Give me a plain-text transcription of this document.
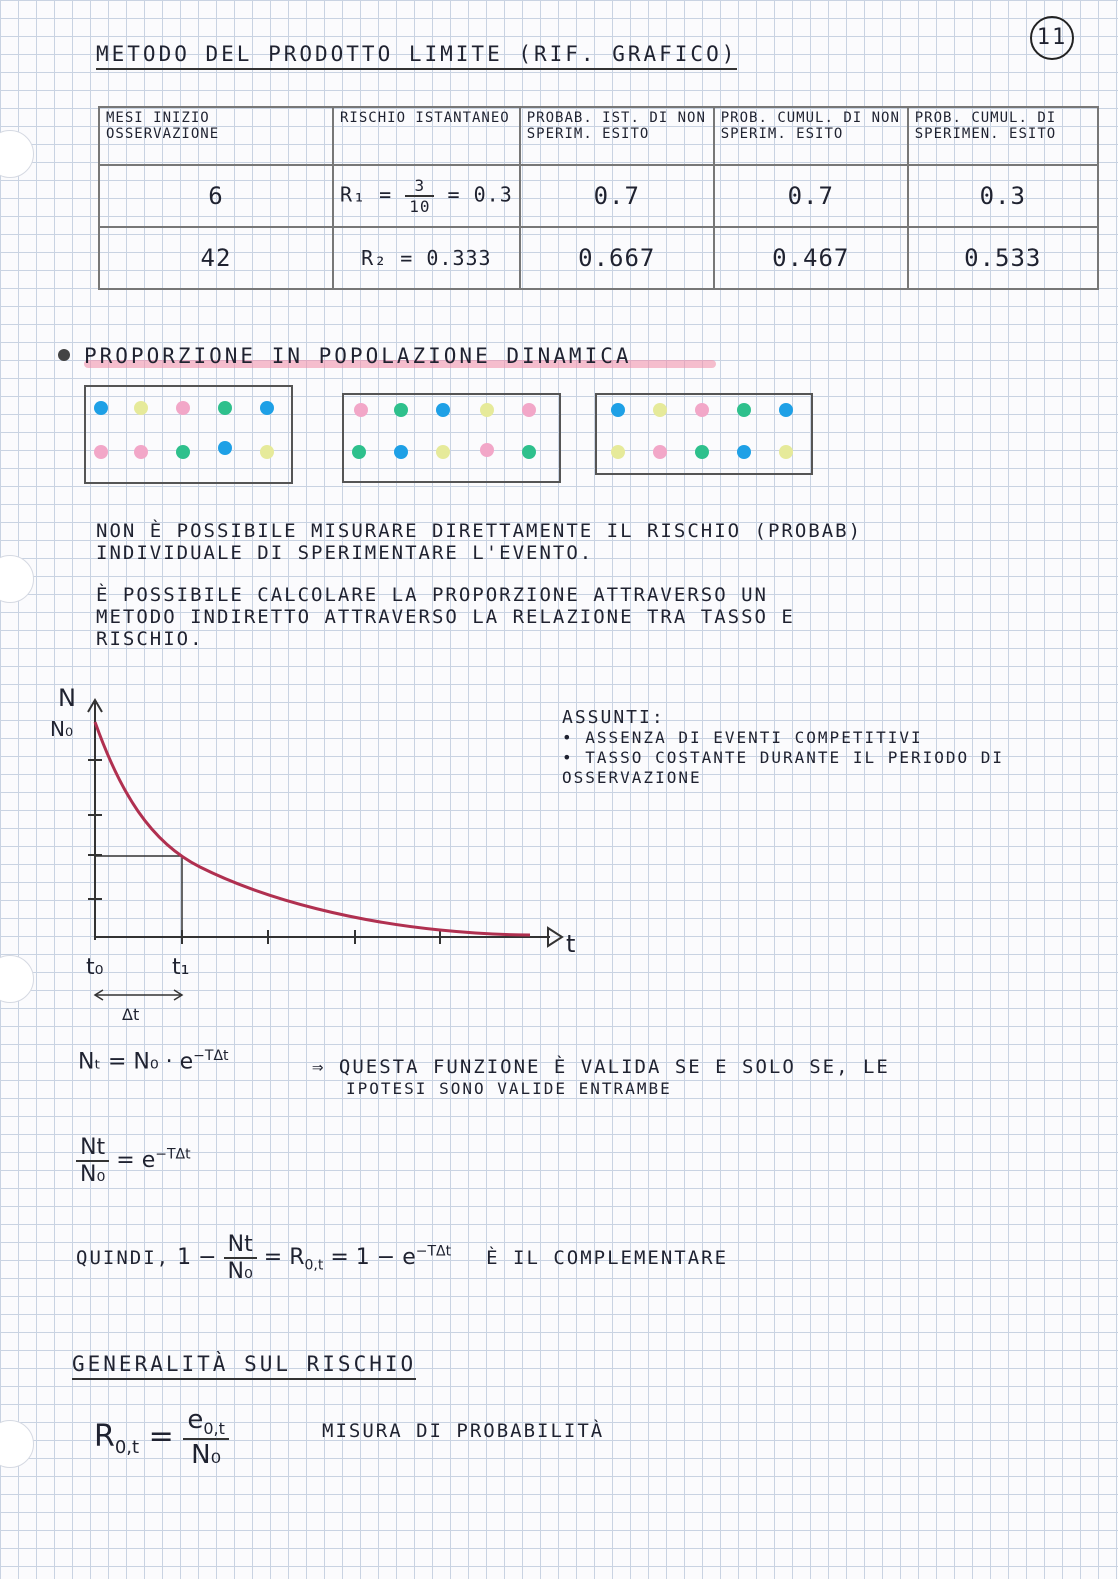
11
METODO DEL PRODOTTO LIMITE (RIF. GRAFICO)
MESI INIZIO OSSERVAZIONE	RISCHIO ISTANTANEO	PROBAB. IST. DI NON SPERIM. ESITO	PROB. CUMUL. DI NON SPERIM. ESITO	PROB. CUMUL. DI SPERIMEN. ESITO
6	$R_1 = \frac{3}{10} = 0.3$	0.7	0.7	0.3
42	R₂ = 0.333	0.667	0.467	0.533
PROPORZIONE IN POPOLAZIONE DINAMICA
NON È POSSIBILE MISURARE DIRETTAMENTE IL RISCHIO (PROBAB)
INDIVIDUALE DI SPERIMENTARE L'EVENTO.
È POSSIBILE CALCOLARE LA PROPORZIONE ATTRAVERSO UN
METODO INDIRETTO ATTRAVERSO LA RELAZIONE TRA TASSO E
RISCHIO.
N
N₀
t
t₀	t₁
Δt
ASSUNTI:
• ASSENZA DI EVENTI COMPETITIVI
• TASSO COSTANTE DURANTE IL PERIODO DI OSSERVAZIONE
$N_t = N_0 \cdot e^{-T\Delta t}$	⇒ QUESTA FUNZIONE È VALIDA SE E SOLO SE, LE
IPOTESI SONO VALIDE ENTRAMBE
$\frac{Nt}{\text{N₀}} = e^{-T\Delta t}$
QUINDI, $1 - \frac{Nt}{\text{N₀}} = R_{0,t} = 1 - e^{-T\Delta t}$ È IL COMPLEMENTARE
GENERALITÀ SUL RISCHIO
$R_{0,t} = \frac{e_{0,t}}{\text{N₀}}$	MISURA DI PROBABILITÀ
